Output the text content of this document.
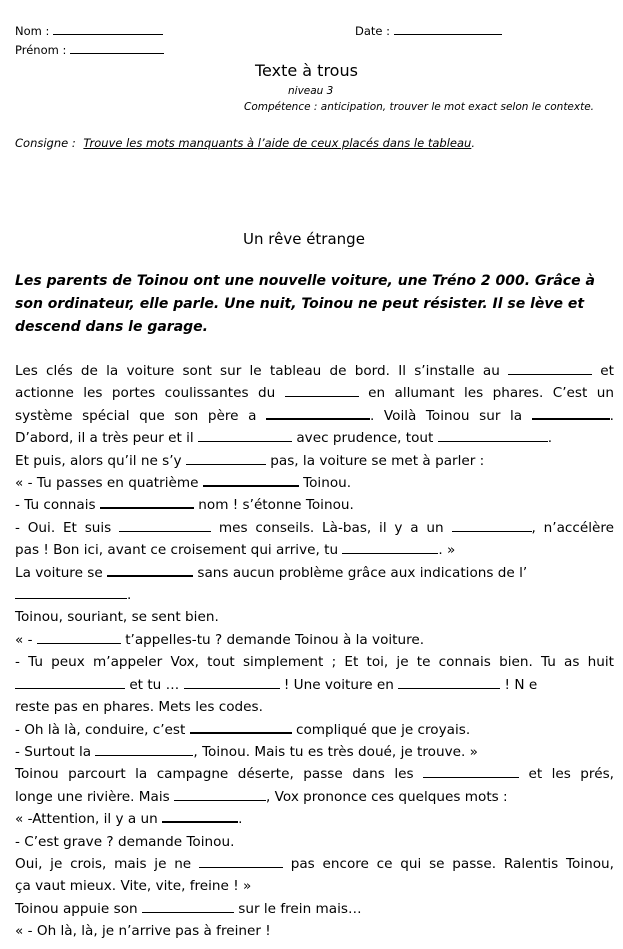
Nom :
Prénom :
Date :
Texte à trous
niveau 3
Compétence : anticipation, trouver le mot exact selon le contexte.
Consigne : Trouve les mots manquants à l’aide de ceux placés dans le tableau.
Un rêve étrange
Les parents de Toinou ont une nouvelle voiture, une Tréno 2 000. Grâce à son ordinateur, elle parle. Une nuit, Toinou ne peut résister. Il se lève et descend dans le garage.

Les clés de la voiture sont sur le tableau de bord. Il s’installe au	et

actionne les portes coulissantes du	en allumant les phares. C’est un

système spécial que son père a	. Voilà Toinou sur la	.

D’abord, il a très peur et il	avec prudence, tout	.

Et puis, alors qu’il ne s’y	pas, la voiture se met à parler :

« - Tu passes en quatrième	Toinou.

- Tu connais	nom ! s’étonne Toinou.

- Oui. Et suis	mes conseils. Là-bas, il y a un	, n’accélère

pas ! Bon ici, avant ce croisement qui arrive, tu	. »

La voiture se	sans aucun problème grâce aux indications de l’

.

Toinou, souriant, se sent bien.

« -	t’appelles-tu ? demande Toinou à la voiture.

- Tu peux m’appeler Vox, tout simplement ; Et toi, je te connais bien. Tu as huit

et tu …	! Une voiture en	! N e

reste pas en phares. Mets les codes.

- Oh là là, conduire, c’est	compliqué que je croyais.

- Surtout la	, Toinou. Mais tu es très doué, je trouve. »

Toinou parcourt la campagne déserte, passe dans les	et les prés,

longe une rivière. Mais	, Vox prononce ces quelques mots :

« -Attention, il y a un	.

- C’est grave ? demande Toinou.

Oui, je crois, mais je ne	pas encore ce qui se passe. Ralentis Toinou,

ça vaut mieux. Vite, vite, freine ! »

Toinou appuie son	sur le frein mais…

« - Oh là, là, je n’arrive pas à freiner !
